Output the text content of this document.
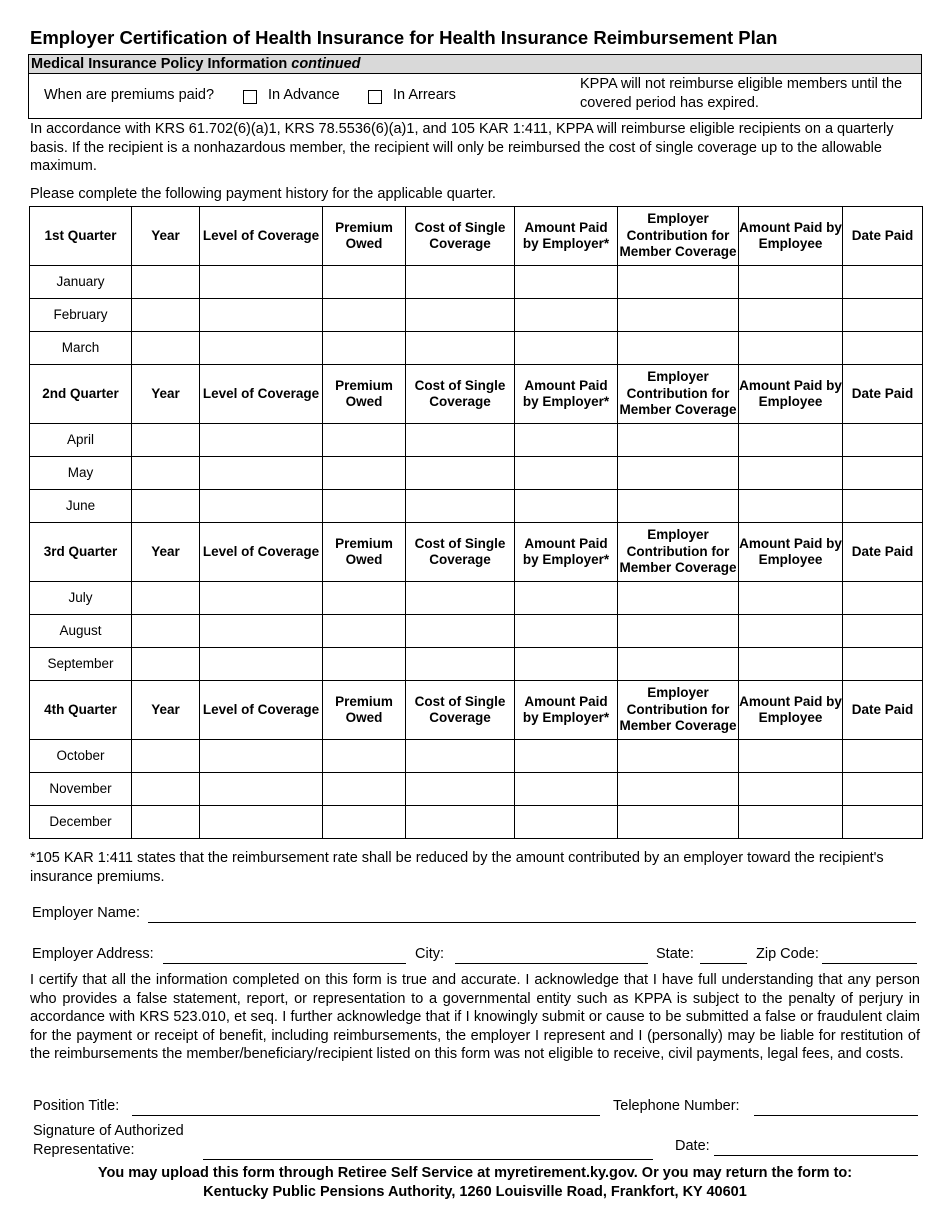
Employer Certification of Health Insurance for Health Insurance Reimbursement Plan
Medical Insurance Policy Information continued
When are premiums paid?	In Advance	In Arrears
KPPA will not reimburse eligible members until the covered period has expired.
In accordance with KRS 61.702(6)(a)1, KRS 78.5536(6)(a)1, and 105 KAR 1:411, KPPA will reimburse eligible recipients on a quarterly basis. If the recipient is a nonhazardous member, the recipient will only be reimbursed the cost of single coverage up to the allowable maximum.
Please complete the following payment history for the applicable quarter.
1st Quarter	Year	Level of Coverage	Premium Owed	Cost of Single Coverage	Amount Paid by Employer*	Employer Contribution for Member Coverage	Amount Paid by Employee	Date Paid
January								
February								
March								
2nd Quarter	Year	Level of Coverage	Premium Owed	Cost of Single Coverage	Amount Paid by Employer*	Employer Contribution for Member Coverage	Amount Paid by Employee	Date Paid
April								
May								
June								
3rd Quarter	Year	Level of Coverage	Premium Owed	Cost of Single Coverage	Amount Paid by Employer*	Employer Contribution for Member Coverage	Amount Paid by Employee	Date Paid
July								
August								
September								
4th Quarter	Year	Level of Coverage	Premium Owed	Cost of Single Coverage	Amount Paid by Employer*	Employer Contribution for Member Coverage	Amount Paid by Employee	Date Paid
October								
November								
December								
*105 KAR 1:411 states that the reimbursement rate shall be reduced by the amount contributed by an employer toward the recipient's insurance premiums.
Employer Name:
Employer Address:	City:	State:	Zip Code:
I certify that all the information completed on this form is true and accurate. I acknowledge that I have full understanding that any person who provides a false statement, report, or representation to a governmental entity such as KPPA is subject to the penalty of perjury in accordance with KRS 523.010, et seq. I further acknowledge that if I knowingly submit or cause to be submitted a false or fraudulent claim for the payment or receipt of benefit, including reimbursements, the employer I represent and I (personally) may be liable for restitution of the reimbursements the member/beneficiary/recipient listed on this form was not eligible to receive, civil payments, legal fees, and costs.
Position Title:	Telephone Number:
Signature of Authorized
Representative:	Date:
You may upload this form through Retiree Self Service at myretirement.ky.gov. Or you may return the form to:
Kentucky Public Pensions Authority, 1260 Louisville Road, Frankfort, KY 40601
